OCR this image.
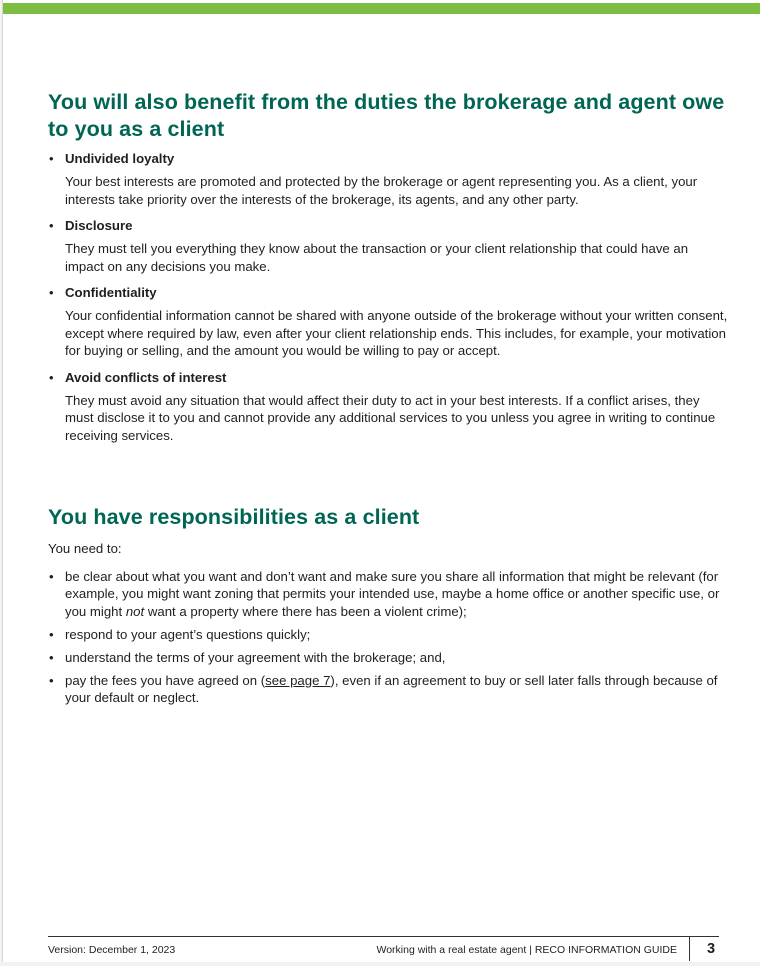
You will also benefit from the duties the brokerage and agent owe to you as a client
• Undivided loyalty
Your best interests are promoted and protected by the brokerage or agent representing you. As a client, your interests take priority over the interests of the brokerage, its agents, and any other party.
• Disclosure
They must tell you everything they know about the transaction or your client relationship that could have an impact on any decisions you make.
• Confidentiality
Your confidential information cannot be shared with anyone outside of the brokerage without your written consent, except where required by law, even after your client relationship ends. This includes, for example, your motivation for buying or selling, and the amount you would be willing to pay or accept.
• Avoid conflicts of interest
They must avoid any situation that would affect their duty to act in your best interests. If a conflict arises, they must disclose it to you and cannot provide any additional services to you unless you agree in writing to continue receiving services.
You have responsibilities as a client

You need to:

• be clear about what you want and don’t want and make sure you share all information that might be relevant (for example, you might want zoning that permits your intended use, maybe a home office or another specific use, or you might not want a property where there has been a violent crime);
• respond to your agent’s questions quickly;
• understand the terms of your agreement with the brokerage; and,
• pay the fees you have agreed on (see page 7), even if an agreement to buy or sell later falls through because of your default or neglect.
Version: December 1, 2023	Working with a real estate agent | RECO INFORMATION GUIDE 3
